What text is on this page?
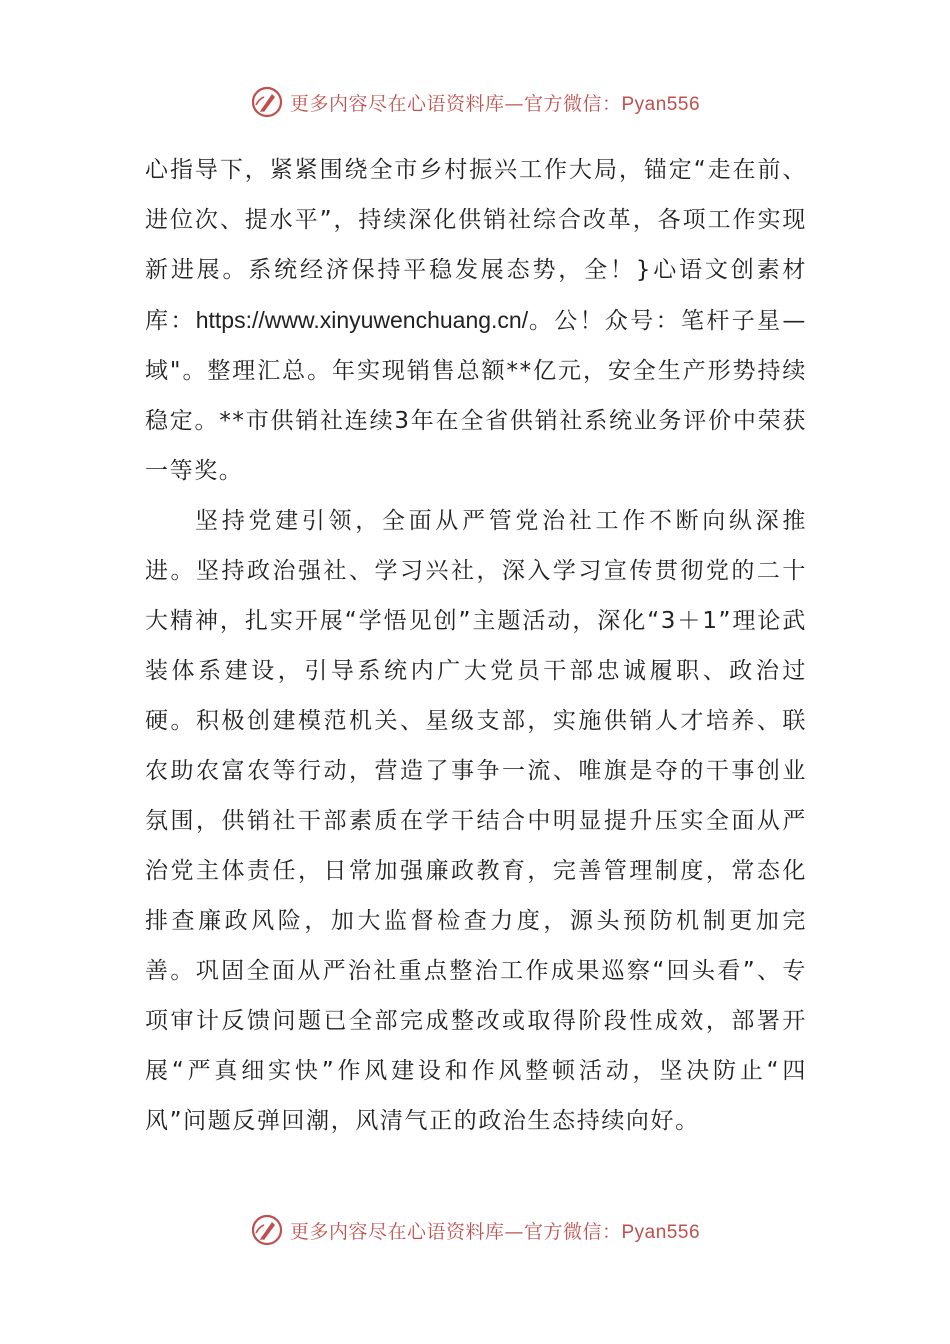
更多内容尽在心语资料库—官方微信：Pyan556

心指导下，紧紧围绕全市乡村振兴工作大局，锚定“走在前、进位次、提水平”，持续深化供销社综合改革，各项工作实现新进展。系统经济保持平稳发展态势，全！}心语文创素材库：https://www.xinyuwenchuang.cn/。公！众号：笔杆子星—域"。整理汇总。年实现销售总额**亿元，安全生产形势持续稳定。**市供销社连续3年在全省供销社系统业务评价中荣获一等奖。

坚持党建引领，全面从严管党治社工作不断向纵深推进。坚持政治强社、学习兴社，深入学习宣传贯彻党的二十大精神，扎实开展“学悟见创”主题活动，深化“3＋1”理论武装体系建设，引导系统内广大党员干部忠诚履职、政治过硬。积极创建模范机关、星级支部，实施供销人才培养、联农助农富农等行动，营造了事争一流、唯旗是夺的干事创业氛围，供销社干部素质在学干结合中明显提升压实全面从严治党主体责任，日常加强廉政教育，完善管理制度，常态化排查廉政风险，加大监督检查力度，源头预防机制更加完善。巩固全面从严治社重点整治工作成果巡察“回头看”、专项审计反馈问题已全部完成整改或取得阶段性成效，部署开展“严真细实快”作风建设和作风整顿活动，坚决防止“四风”问题反弹回潮，风清气正的政治生态持续向好。

更多内容尽在心语资料库—官方微信：Pyan556
